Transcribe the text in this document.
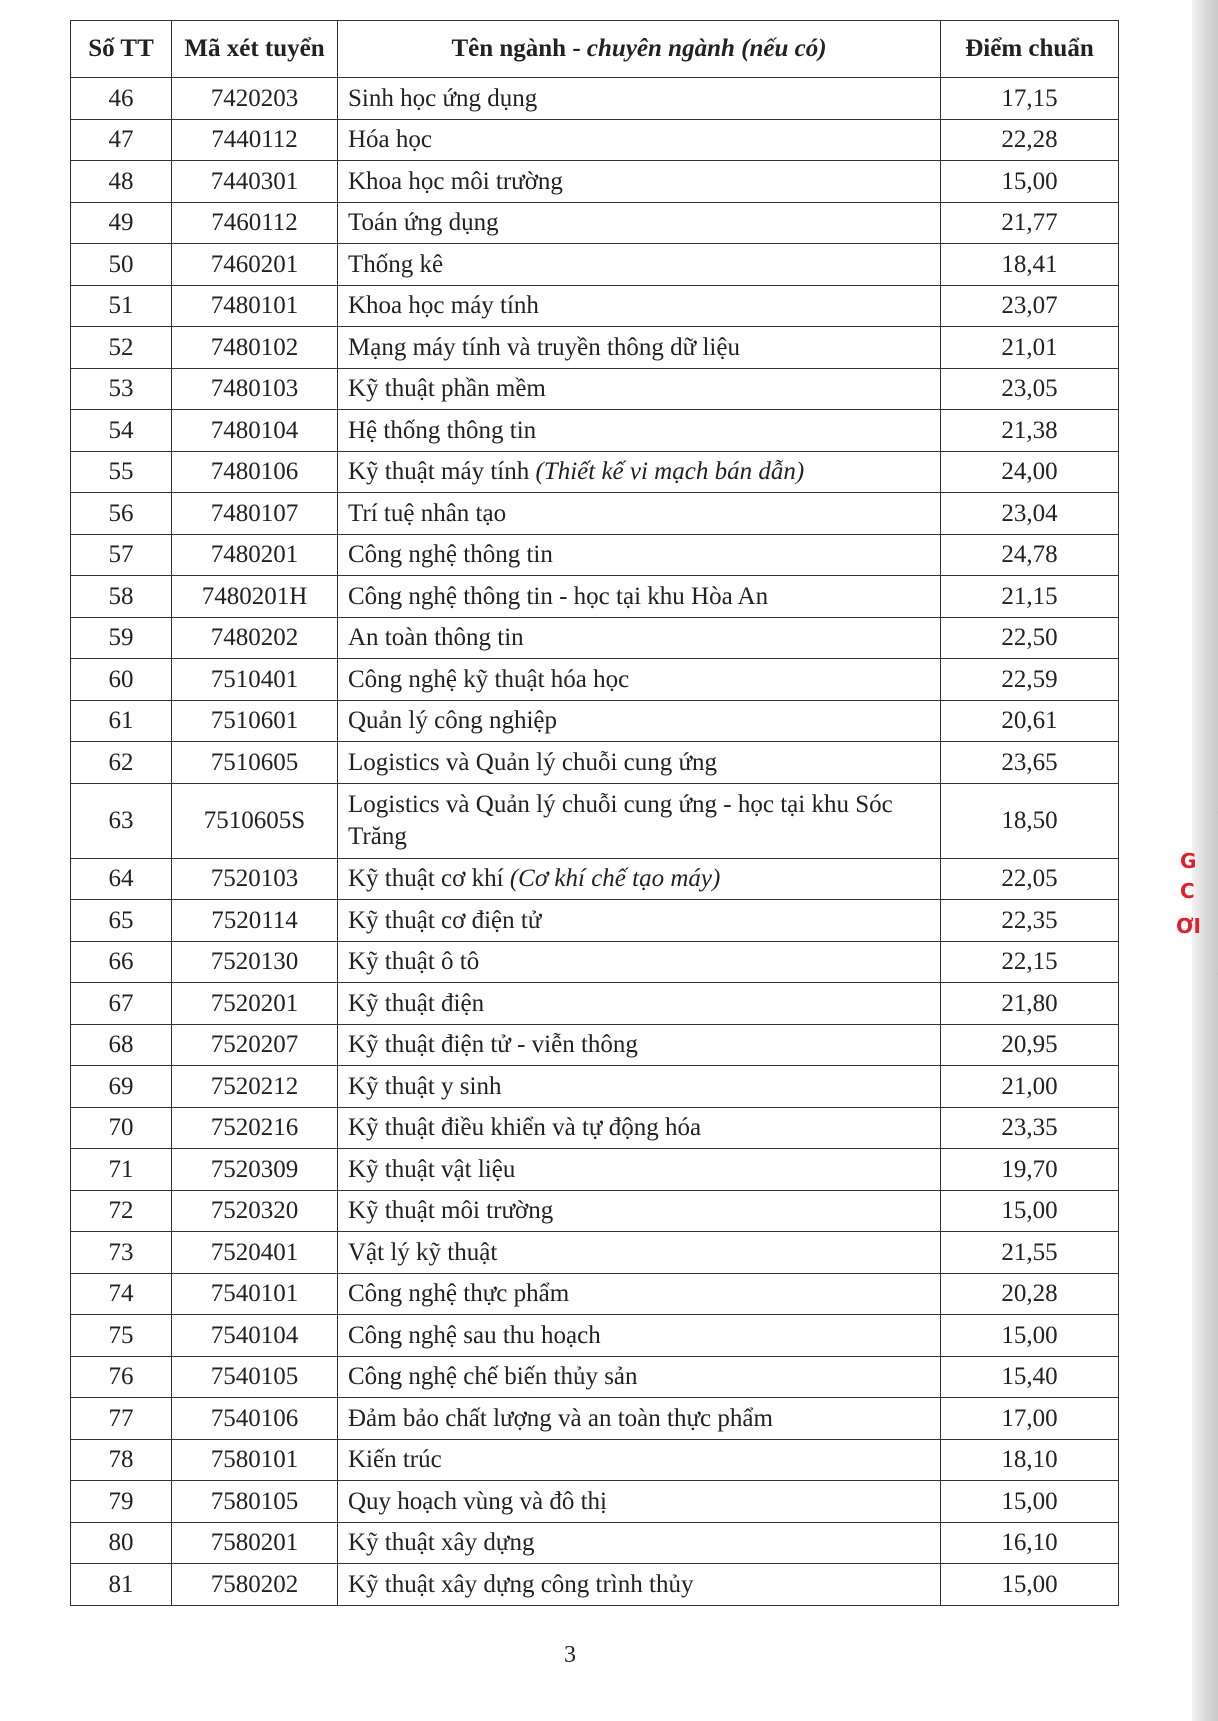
Số TT	Mã xét tuyển	Tên ngành - chuyên ngành (nếu có)	Điểm chuẩn
46	7420203	Sinh học ứng dụng	17,15
47	7440112	Hóa học	22,28
48	7440301	Khoa học môi trường	15,00
49	7460112	Toán ứng dụng	21,77
50	7460201	Thống kê	18,41
51	7480101	Khoa học máy tính	23,07
52	7480102	Mạng máy tính và truyền thông dữ liệu	21,01
53	7480103	Kỹ thuật phần mềm	23,05
54	7480104	Hệ thống thông tin	21,38
55	7480106	Kỹ thuật máy tính (Thiết kế vi mạch bán dẫn)	24,00
56	7480107	Trí tuệ nhân tạo	23,04
57	7480201	Công nghệ thông tin	24,78
58	7480201H	Công nghệ thông tin - học tại khu Hòa An	21,15
59	7480202	An toàn thông tin	22,50
60	7510401	Công nghệ kỹ thuật hóa học	22,59
61	7510601	Quản lý công nghiệp	20,61
62	7510605	Logistics và Quản lý chuỗi cung ứng	23,65
63	7510605S	Logistics và Quản lý chuỗi cung ứng - học tại khu Sóc Trăng	18,50
64	7520103	Kỹ thuật cơ khí (Cơ khí chế tạo máy)	22,05
65	7520114	Kỹ thuật cơ điện tử	22,35
66	7520130	Kỹ thuật ô tô	22,15
67	7520201	Kỹ thuật điện	21,80
68	7520207	Kỹ thuật điện tử - viễn thông	20,95
69	7520212	Kỹ thuật y sinh	21,00
70	7520216	Kỹ thuật điều khiển và tự động hóa	23,35
71	7520309	Kỹ thuật vật liệu	19,70
72	7520320	Kỹ thuật môi trường	15,00
73	7520401	Vật lý kỹ thuật	21,55
74	7540101	Công nghệ thực phẩm	20,28
75	7540104	Công nghệ sau thu hoạch	15,00
76	7540105	Công nghệ chế biến thủy sản	15,40
77	7540106	Đảm bảo chất lượng và an toàn thực phẩm	17,00
78	7580101	Kiến trúc	18,10
79	7580105	Quy hoạch vùng và đô thị	15,00
80	7580201	Kỹ thuật xây dựng	16,10
81	7580202	Kỹ thuật xây dựng công trình thủy	15,00
3
G
C
ƠI
